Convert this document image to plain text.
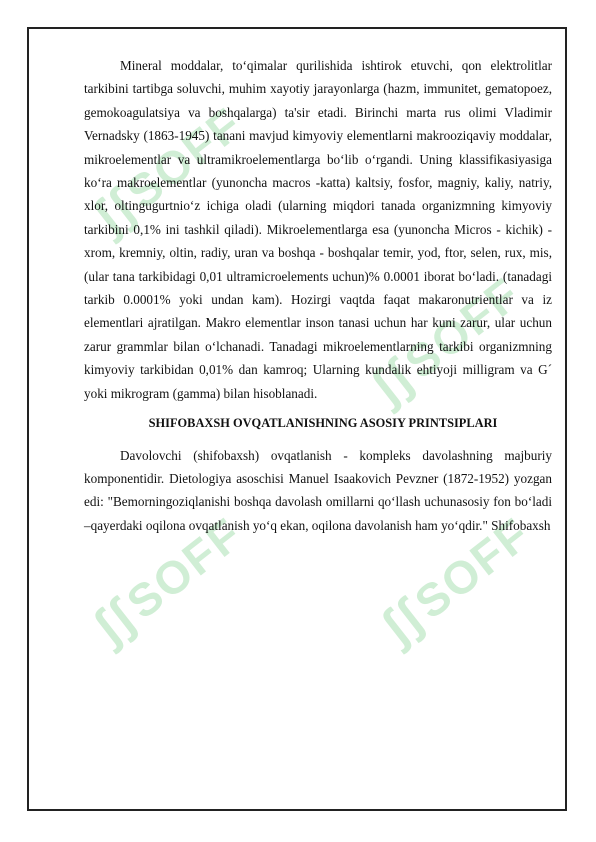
ʃʃSOFF
ʃʃSOFF
ʃʃSOFF ʃʃSOFF

Mineral moddalar, to‘qimalar qurilishida ishtirok etuvchi, qon elektrolitlar tarkibini tartibga soluvchi, muhim xayotiy jarayonlarga (hazm, immunitet, gematopoez, gemokoagulatsiya va boshqalarga) ta'sir etadi. Birinchi marta rus olimi Vladimir Vernadsky (1863-1945) tanani mavjud kimyoviy elementlarni makrooziqaviy moddalar, mikroelementlar va ultramikroelementlarga bo‘lib o‘rgandi. Uning klassifikasiyasiga ko‘ra makroelementlar (yunoncha macros -katta) kaltsiy, fosfor, magniy, kaliy, natriy, xlor, oltingugurtnio‘z ichiga oladi (ularning miqdori tanada organizmning kimyoviy tarkibini 0,1% ini tashkil qiladi). Mikroelementlarga esa (yunoncha Micros - kichik) - xrom, kremniy, oltin, radiy, uran va boshqa - boshqalar temir, yod, ftor, selen, rux, mis, (ular tana tarkibidagi 0,01 ultramicroelements uchun)% 0.0001 iborat bo‘ladi. (tanadagi tarkib 0.0001% yoki undan kam). Hozirgi vaqtda faqat makaronutrientlar va iz elementlari ajratilgan. Makro elementlar inson tanasi uchun har kuni zarur, ular uchun zarur grammlar bilan o‘lchanadi. Tanadagi mikroelementlarning tarkibi organizmning kimyoviy tarkibidan 0,01% dan kamroq; Ularning kundalik ehtiyoji milligram va G´ yoki mikrogram (gamma) bilan hisoblanadi.

SHIFOBAXSH OVQATLANISHNING ASOSIY PRINTSIPLARI

Davolovchi (shifobaxsh) ovqatlanish - kompleks davolashning majburiy komponentidir. Dietologiya asoschisi Manuel Isaakovich Pevzner (1872-1952) yozgan edi: "Bemorningoziqlanishi boshqa davolash omillarni qo‘llash uchunasosiy fon bo‘ladi –qayerdaki oqilona ovqatlanish yo‘q ekan, oqilona davolanish ham yo‘qdir." Shifobaxsh
